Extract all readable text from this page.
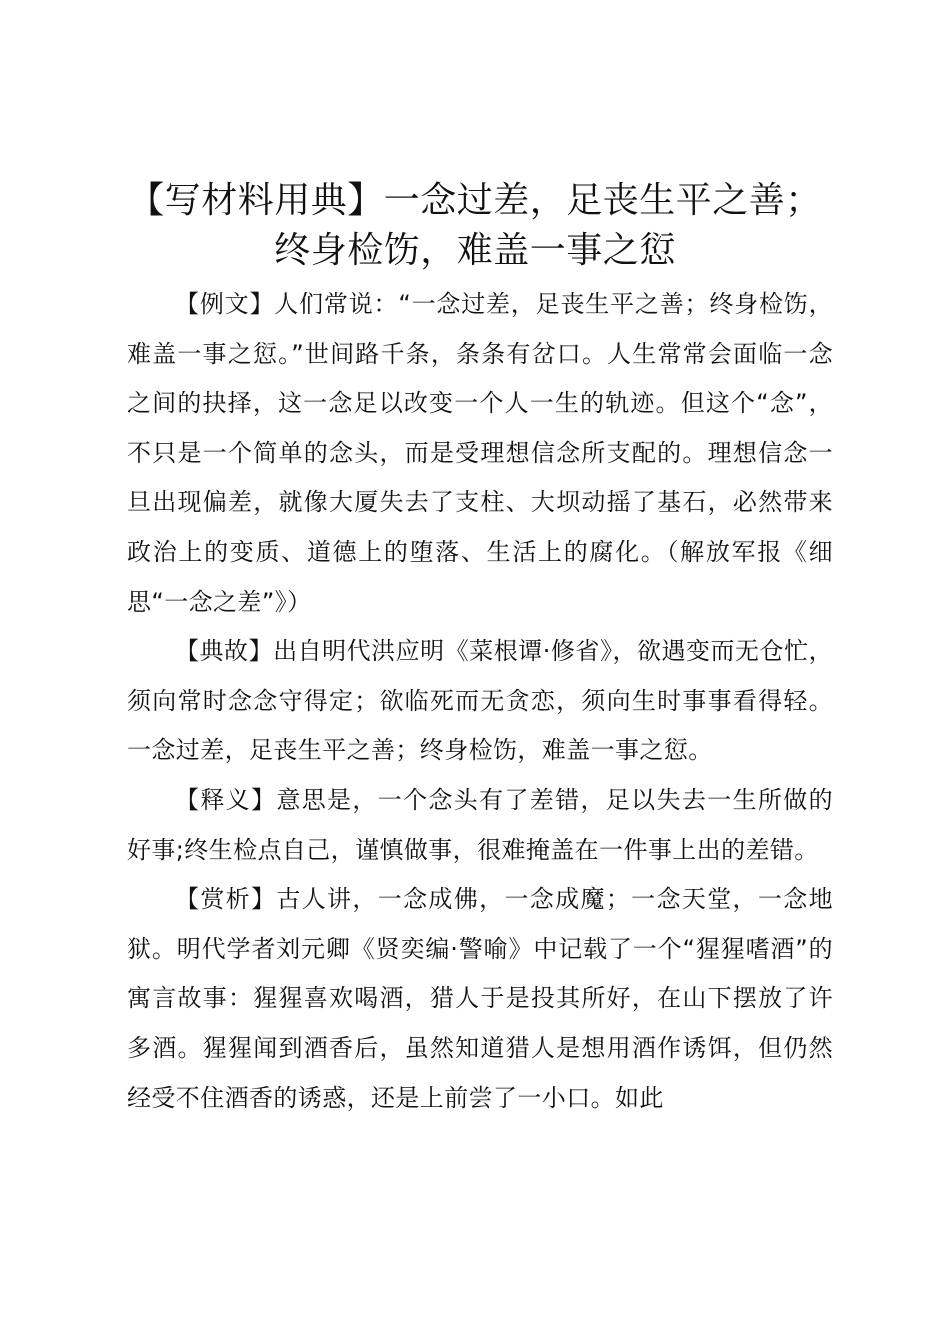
【写材料用典】一念过差，足丧生平之善；终身检饬，难盖一事之愆

【例文】人们常说：“一念过差，足丧生平之善；终身检饬，难盖一事之愆。”世间路千条，条条有岔口。人生常常会面临一念之间的抉择，这一念足以改变一个人一生的轨迹。但这个“念”，不只是一个简单的念头，而是受理想信念所支配的。理想信念一旦出现偏差，就像大厦失去了支柱、大坝动摇了基石，必然带来政治上的变质、道德上的堕落、生活上的腐化。（解放军报《细思“一念之差”》）

【典故】出自明代洪应明《菜根谭·修省》，欲遇变而无仓忙，须向常时念念守得定；欲临死而无贪恋，须向生时事事看得轻。一念过差，足丧生平之善；终身检饬，难盖一事之愆。

【释义】意思是，一个念头有了差错，足以失去一生所做的好事;终生检点自己，谨慎做事，很难掩盖在一件事上出的差错。

【赏析】古人讲，一念成佛，一念成魔；一念天堂，一念地狱。明代学者刘元卿《贤奕编·警喻》中记载了一个“猩猩嗜酒”的寓言故事：猩猩喜欢喝酒，猎人于是投其所好，在山下摆放了许多酒。猩猩闻到酒香后，虽然知道猎人是想用酒作诱饵，但仍然经受不住酒香的诱惑，还是上前尝了一小口。如此
